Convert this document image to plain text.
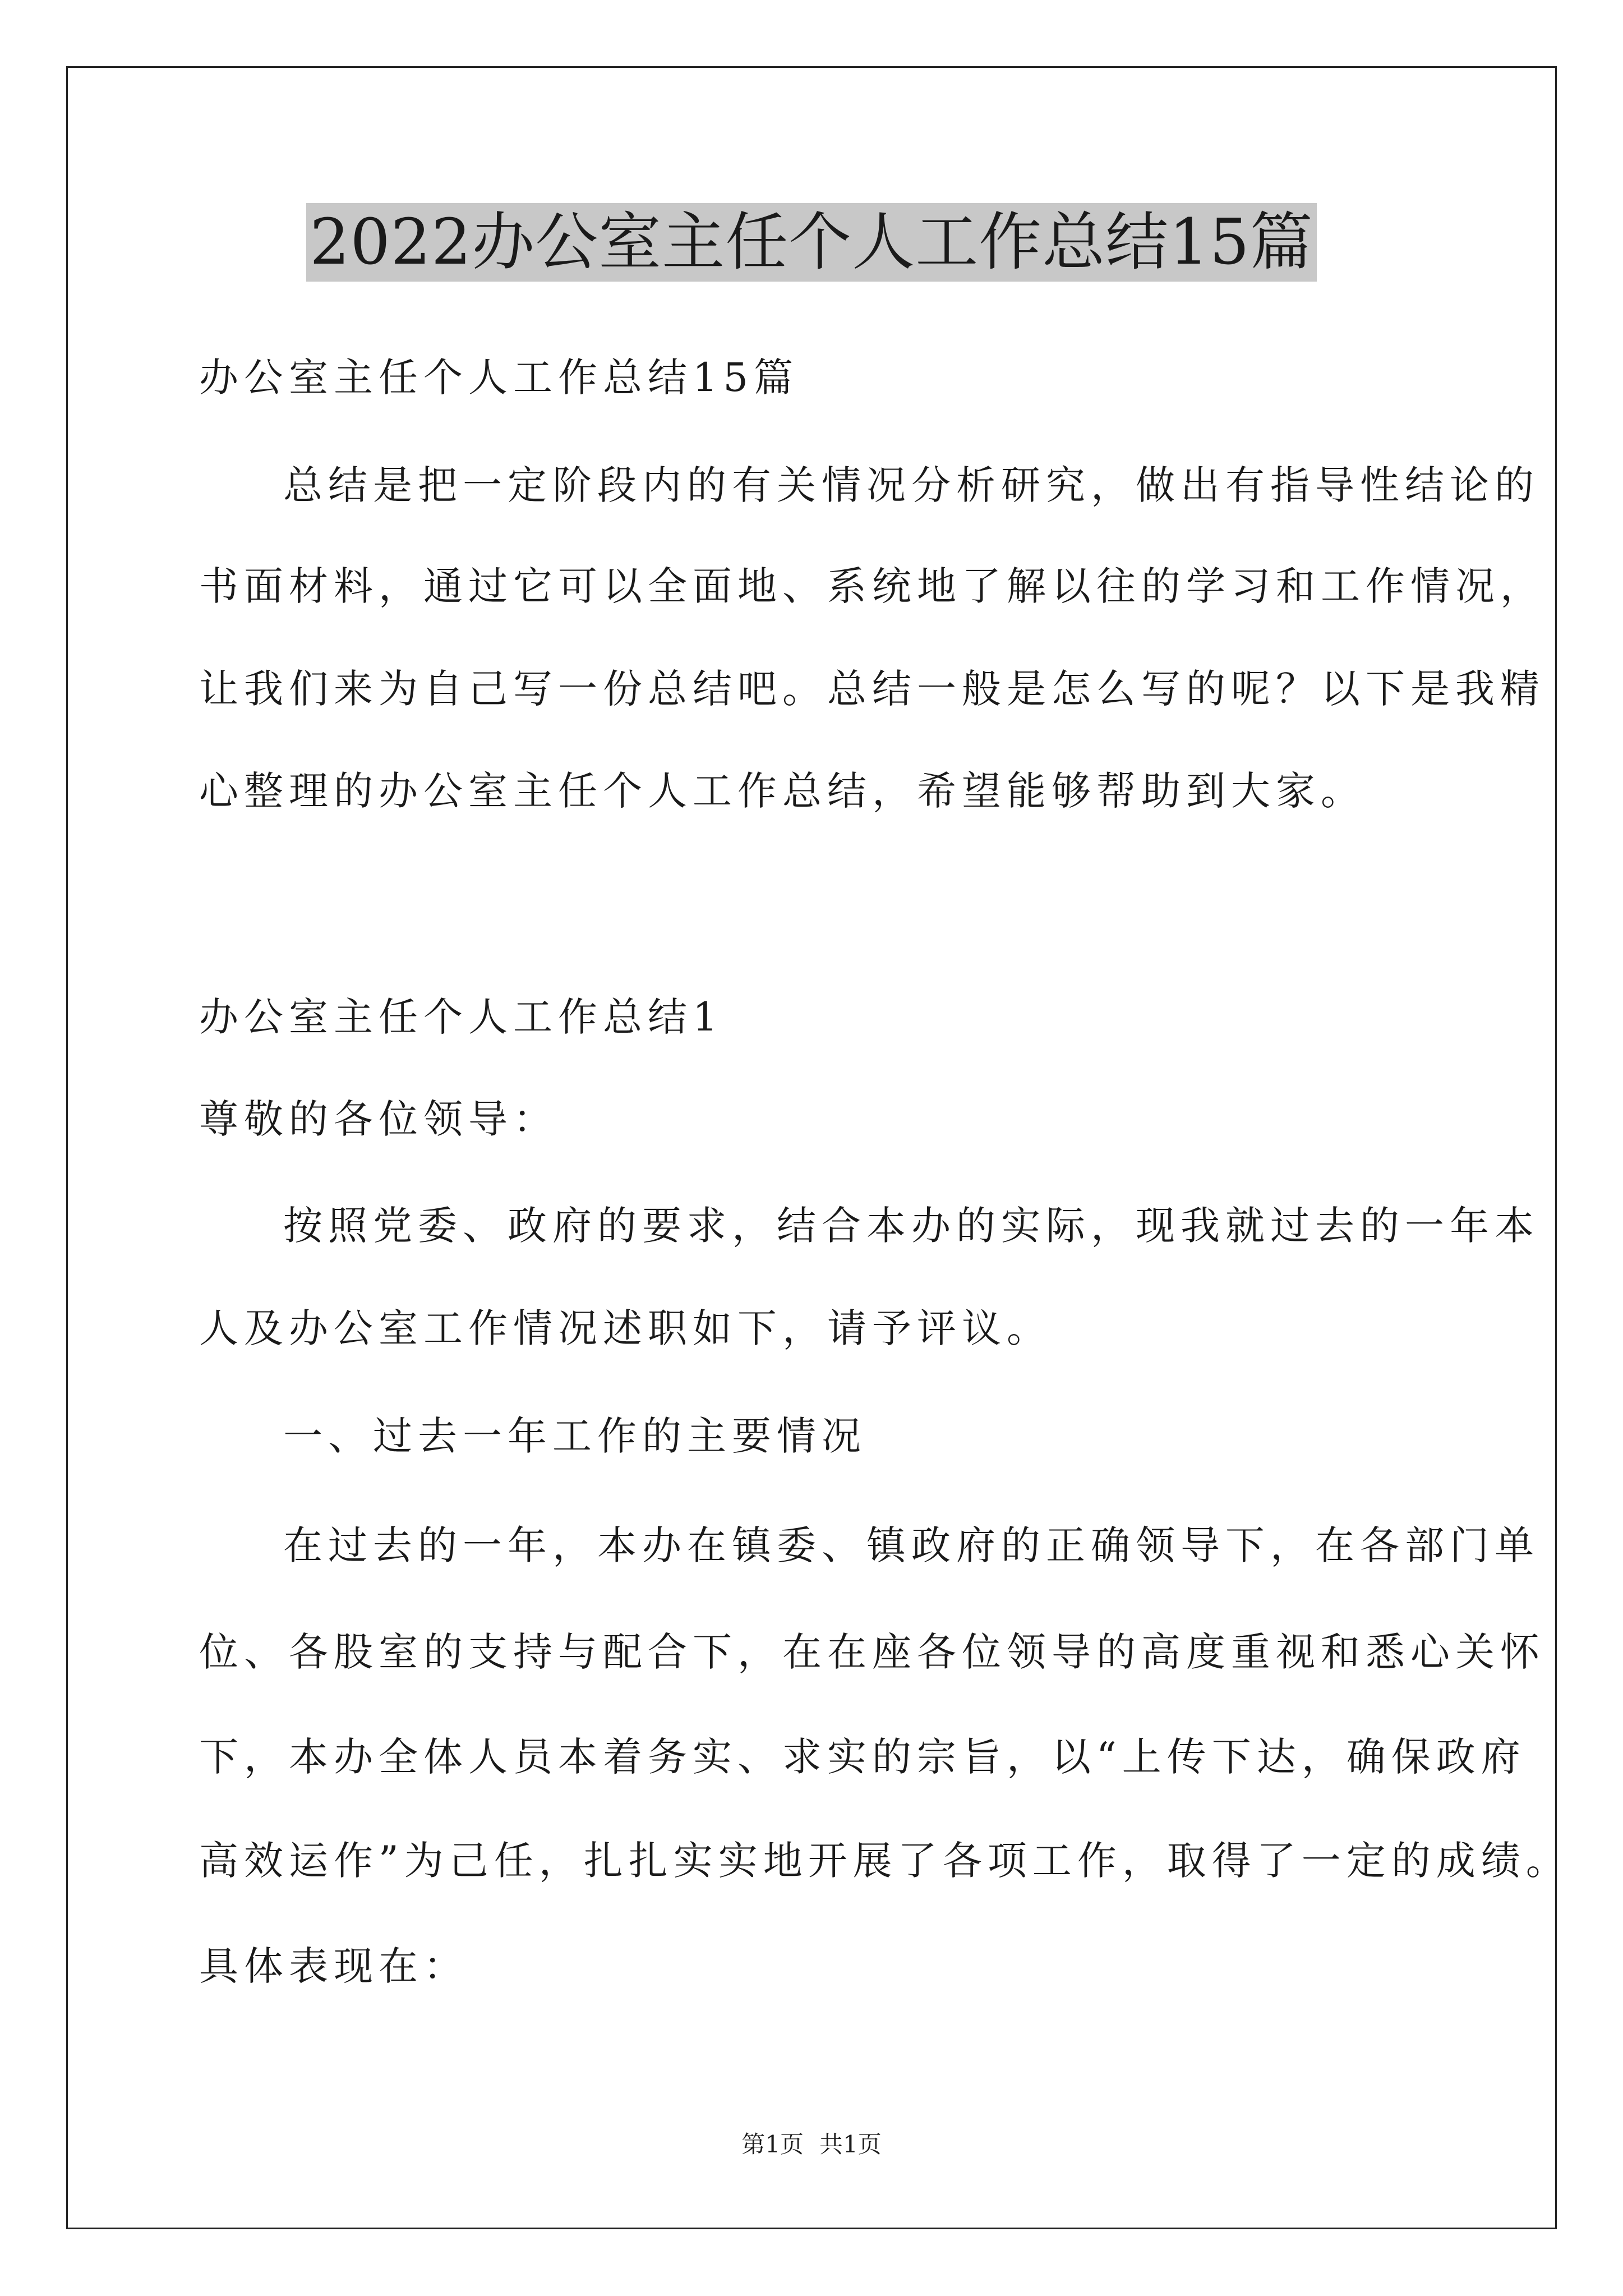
2022办公室主任个人工作总结15篇
办公室主任个人工作总结15篇
总结是把一定阶段内的有关情况分析研究，做出有指导性结论的
书面材料，通过它可以全面地、系统地了解以往的学习和工作情况，
让我们来为自己写一份总结吧。总结一般是怎么写的呢？以下是我精
心整理的办公室主任个人工作总结，希望能够帮助到大家。
办公室主任个人工作总结1
尊敬的各位领导：
按照党委、政府的要求，结合本办的实际，现我就过去的一年本
人及办公室工作情况述职如下，请予评议。
一、过去一年工作的主要情况
在过去的一年，本办在镇委、镇政府的正确领导下，在各部门单
位、各股室的支持与配合下，在在座各位领导的高度重视和悉心关怀
下，本办全体人员本着务实、求实的宗旨，以“上传下达，确保政府
高效运作”为己任，扎扎实实地开展了各项工作，取得了一定的成绩。
具体表现在：
第1页 共1页
